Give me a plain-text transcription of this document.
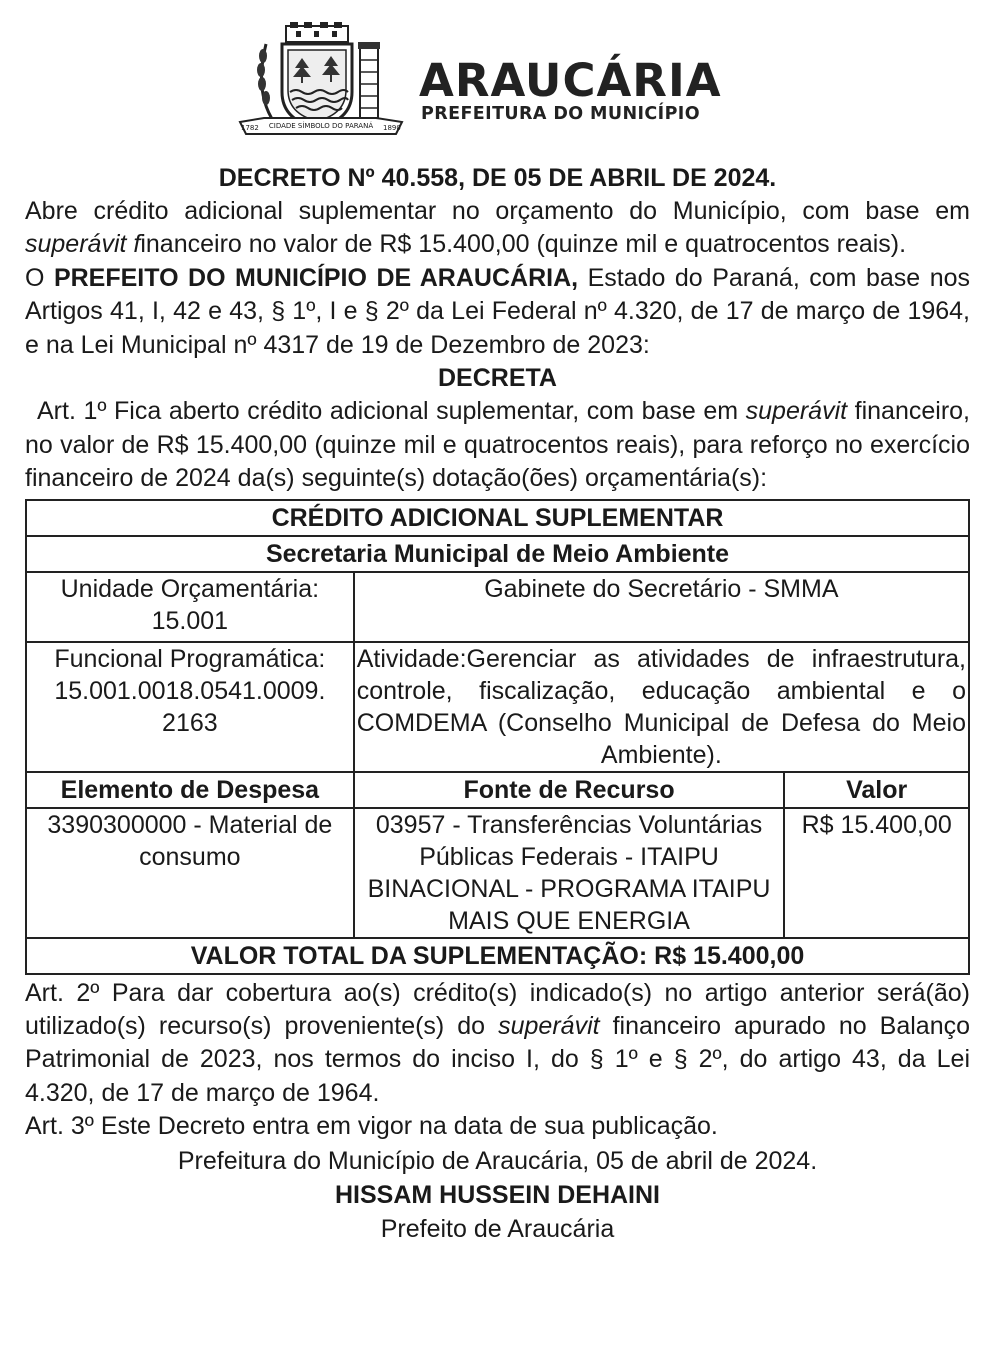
CIDADE SÍMBOLO DO PARANÁ
1782	1890
ARAUCÁRIA
PREFEITURA DO MUNICÍPIO
DECRETO Nº 40.558, DE 05 DE ABRIL DE 2024.

Abre crédito adicional suplementar no orçamento do Município, com base em superávit financeiro no valor de R$ 15.400,00 (quinze mil e quatrocentos reais).

O PREFEITO DO MUNICÍPIO DE ARAUCÁRIA, Estado do Paraná, com base nos Artigos 41, I, 42 e 43, § 1º, I e § 2º da Lei Federal nº 4.320, de 17 de março de 1964, e na Lei Municipal nº 4317 de 19 de Dezembro de 2023:

DECRETA

Art. 1º Fica aberto crédito adicional suplementar, com base em superávit financeiro, no valor de R$ 15.400,00 (quinze mil e quatrocentos reais), para reforço no exercício financeiro de 2024 da(s) seguinte(s) dotação(ões) orçamentária(s):

CRÉDITO ADICIONAL SUPLEMENTAR		
Secretaria Municipal de Meio Ambiente		

Unidade Orçamentária:
15.001	Gabinete do Secretário - SMMA	

Funcional Programática:
15.001.0018.0541.0009.
2163	Atividade:Gerenciar as atividades de infraestrutura, controle, fiscalização, educação ambiental e o COMDEMA (Conselho Municipal de Defesa do Meio Ambiente).	
Elemento de Despesa	Fonte de Recurso	Valor
3390300000 - Material de consumo	03957 - Transferências Voluntárias Públicas Federais - ITAIPU BINACIONAL - PROGRAMA ITAIPU MAIS QUE ENERGIA	R$ 15.400,00
VALOR TOTAL DA SUPLEMENTAÇÃO: R$ 15.400,00		

Art. 2º Para dar cobertura ao(s) crédito(s) indicado(s) no artigo anterior será(ão) utilizado(s) recurso(s) proveniente(s) do superávit financeiro apurado no Balanço Patrimonial de 2023, nos termos do inciso I, do § 1º e § 2º, do artigo 43, da Lei 4.320, de 17 de março de 1964.

Art. 3º Este Decreto entra em vigor na data de sua publicação.

Prefeitura do Município de Araucária, 05 de abril de 2024.
HISSAM HUSSEIN DEHAINI
Prefeito de Araucária
